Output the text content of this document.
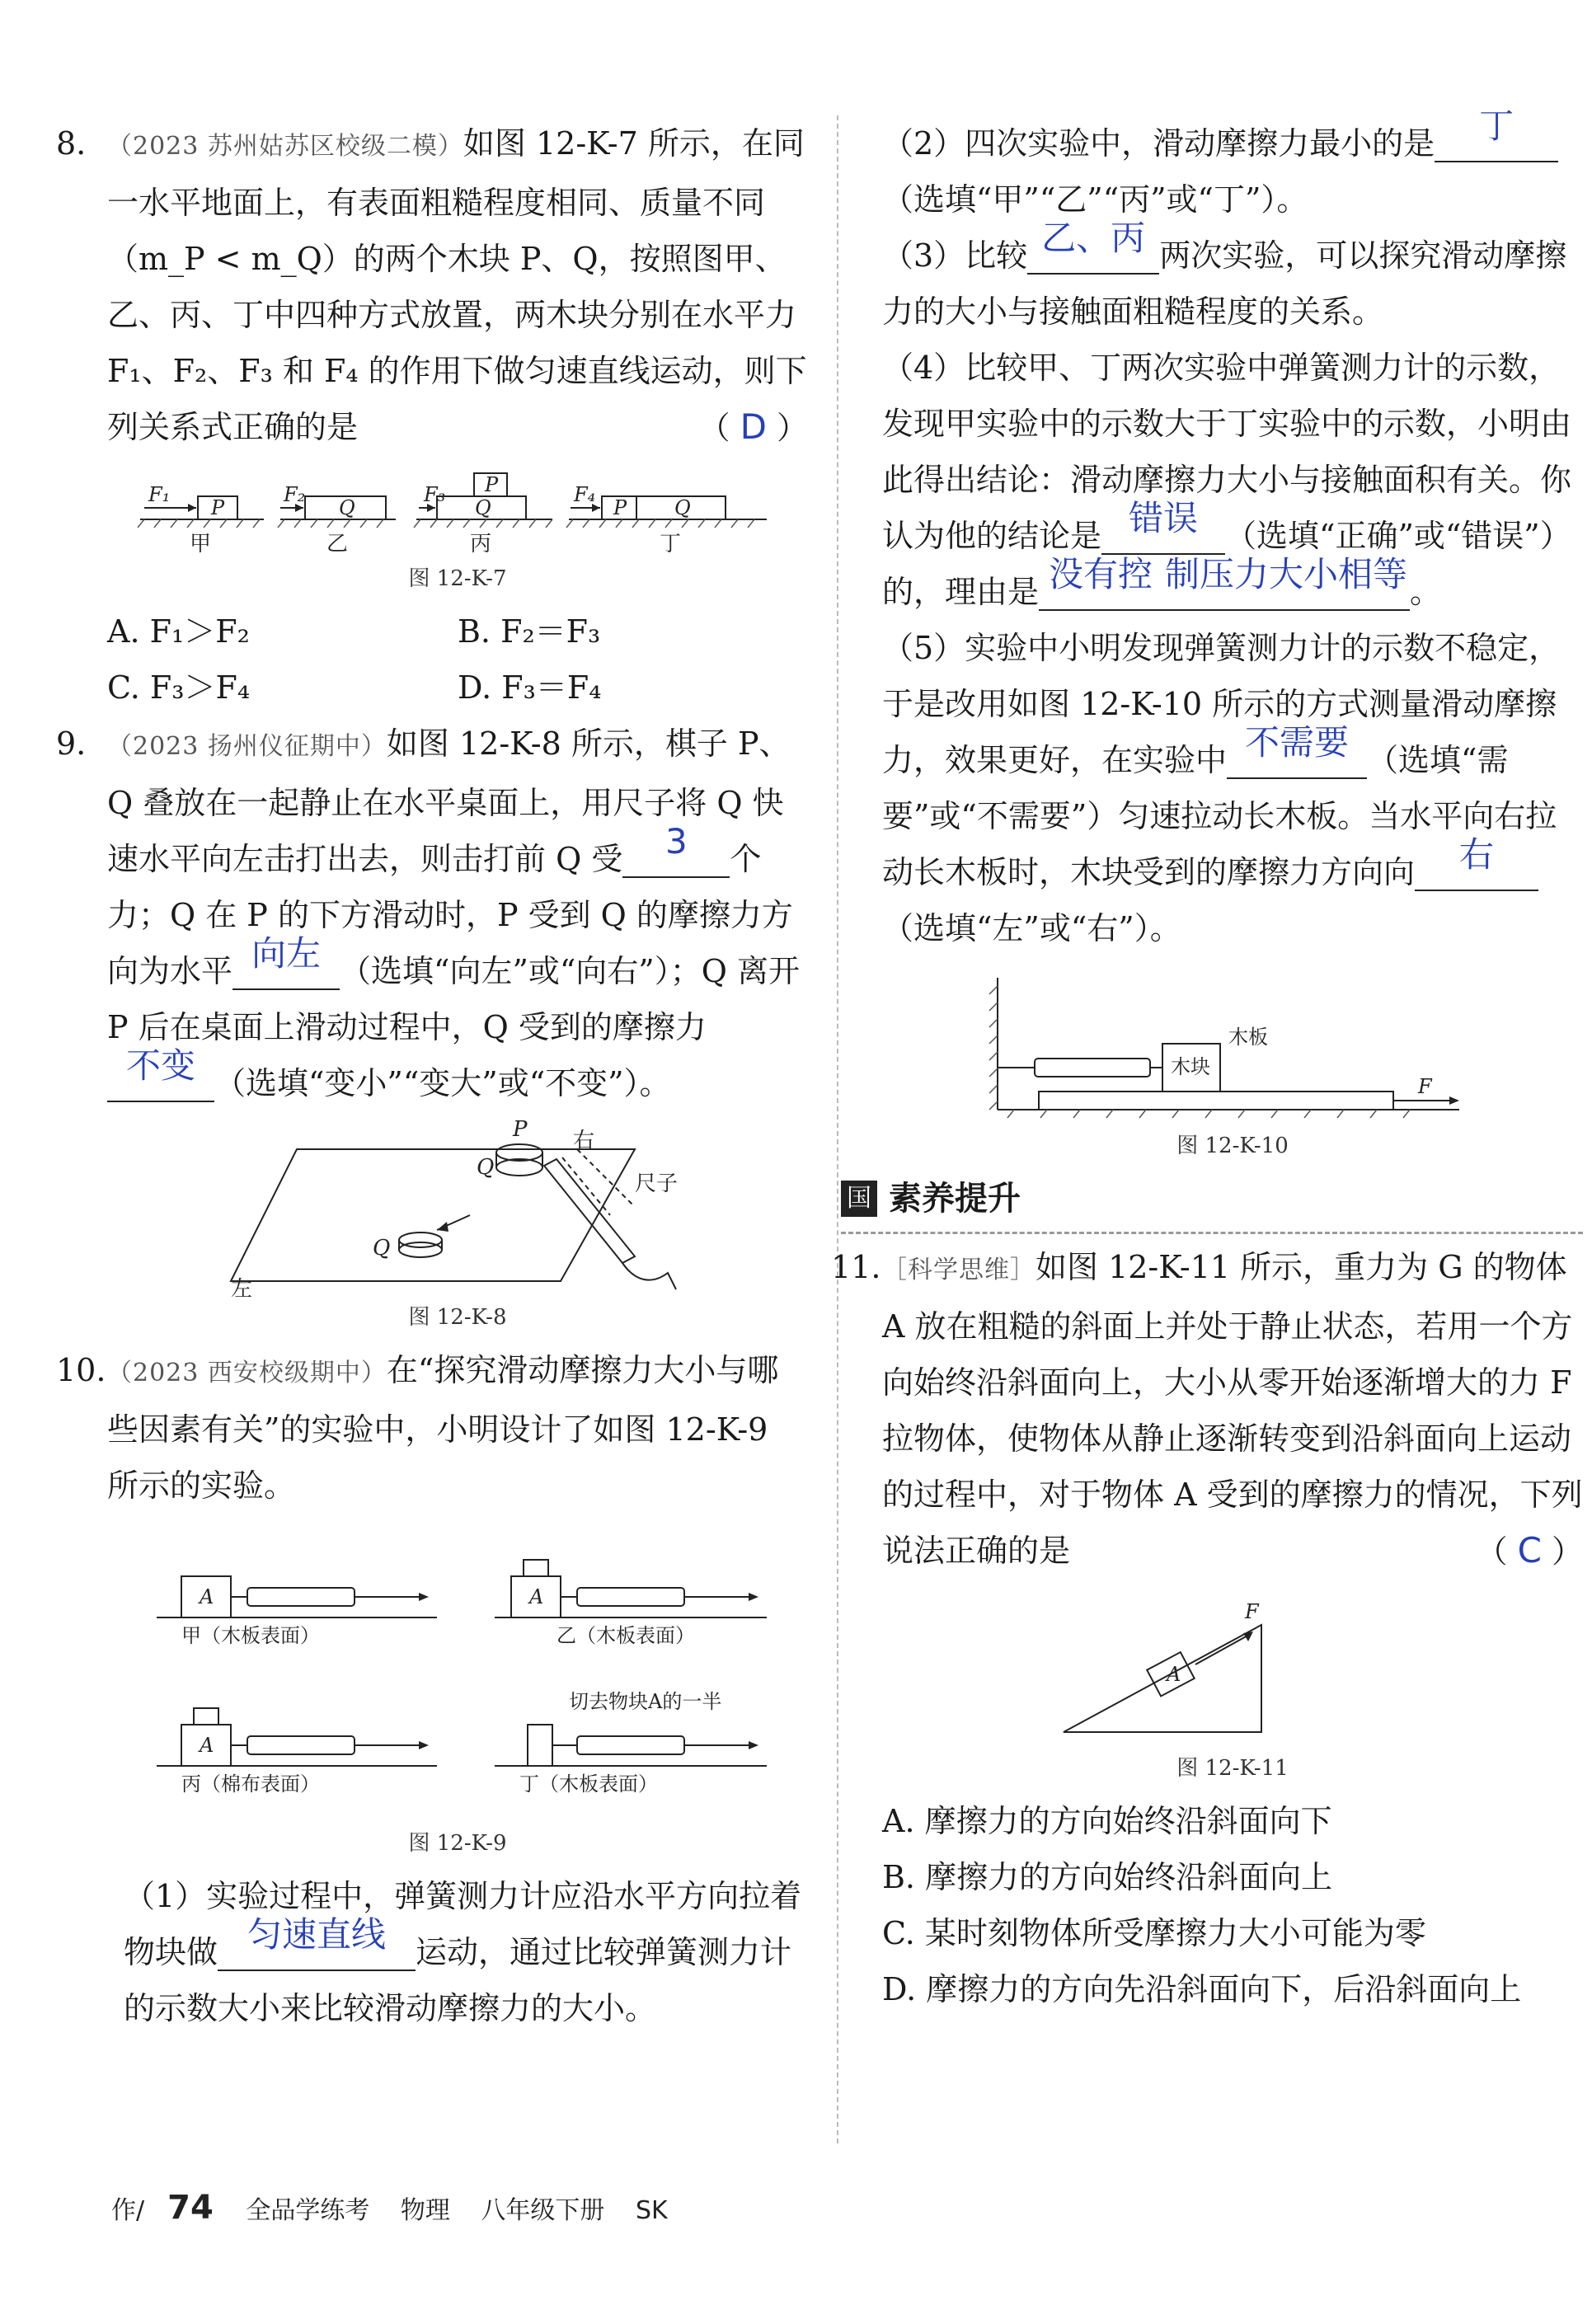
8. （2023 苏州姑苏区校级二模）如图 12-K-7 所示，在同一水平地面上，有表面粗糙程度相同、质量不同（m_P < m_Q）的两个木块 P、Q，按照图甲、乙、丙、丁中四种方式放置，两木块分别在水平力 F₁、F₂、F₃ 和 F₄ 的作用下做匀速直线运动，则下列关系式正确的是	（ D ）
P	Q	Q
P
P Q
F₁	F₂	F₃	F₄
甲	乙	丙	丁
图 12-K-7
A. F₁＞F₂	B. F₂＝F₃
C. F₃＞F₄	D. F₃＝F₄
9. （2023 扬州仪征期中）如图 12-K-8 所示，棋子 P、Q 叠放在一起静止在水平桌面上，用尺子将 Q 快速水平向左击打出去，则击打前 Q 受 3 个力；Q 在 P 的下方滑动时，P 受到 Q 的摩擦力方向为水平 向左 （选填“向左”或“向右”）；Q 离开 P 后在桌面上滑动过程中，Q 受到的摩擦力不变 （选填“变小”“变大”或“不变”）。
P
Q
Q
右
尺子
左
图 12-K-8
10. （2023 西安校级期中）在“探究滑动摩擦力大小与哪些因素有关”的实验中，小明设计了如图 12-K-9 所示的实验。
A	A
A
甲（木板表面）	乙（木板表面）
丙（棉布表面）	丁（木板表面）
切去物块A的一半
图 12-K-9
（1）实验过程中，弹簧测力计应沿水平方向拉着物块做 匀速直线 运动，通过比较弹簧测力计的示数大小来比较滑动摩擦力的大小。
（2）四次实验中，滑动摩擦力最小的是 丁（选填“甲”“乙”“丙”或“丁”）。
（3）比较 乙、丙 两次实验，可以探究滑动摩擦力的大小与接触面粗糙程度的关系。
（4）比较甲、丁两次实验中弹簧测力计的示数，发现甲实验中的示数大于丁实验中的示数，小明由此得出结论：滑动摩擦力大小与接触面积有关。你认为他的结论是 错误 （选填“正确”或“错误”）的，理由是 没有控 制压力大小相等。
（5）实验中小明发现弹簧测力计的示数不稳定，于是改用如图 12-K-10 所示的方式测量滑动摩擦力，效果更好，在实验中 不需要 （选填“需要”或“不需要”）匀速拉动长木板。当水平向右拉动长木板时，木块受到的摩擦力方向向 右（选填“左”或“右”）。
木块
木板
F
图 12-K-10
国 素养提升
11. ［科学思维］如图 12-K-11 所示，重力为 G 的物体 A 放在粗糙的斜面上并处于静止状态，若用一个方向始终沿斜面向上，大小从零开始逐渐增大的力 F 拉物体，使物体从静止逐渐转变到沿斜面向上运动的过程中，对于物体 A 受到的摩擦力的情况，下列说法正确的是	（ C ）
A
F
图 12-K-11
A. 摩擦力的方向始终沿斜面向下
B. 摩擦力的方向始终沿斜面向上
C. 某时刻物体所受摩擦力大小可能为零
D. 摩擦力的方向先沿斜面向下，后沿斜面向上
作/ 74 全品学练考 物理 八年级下册 SK
